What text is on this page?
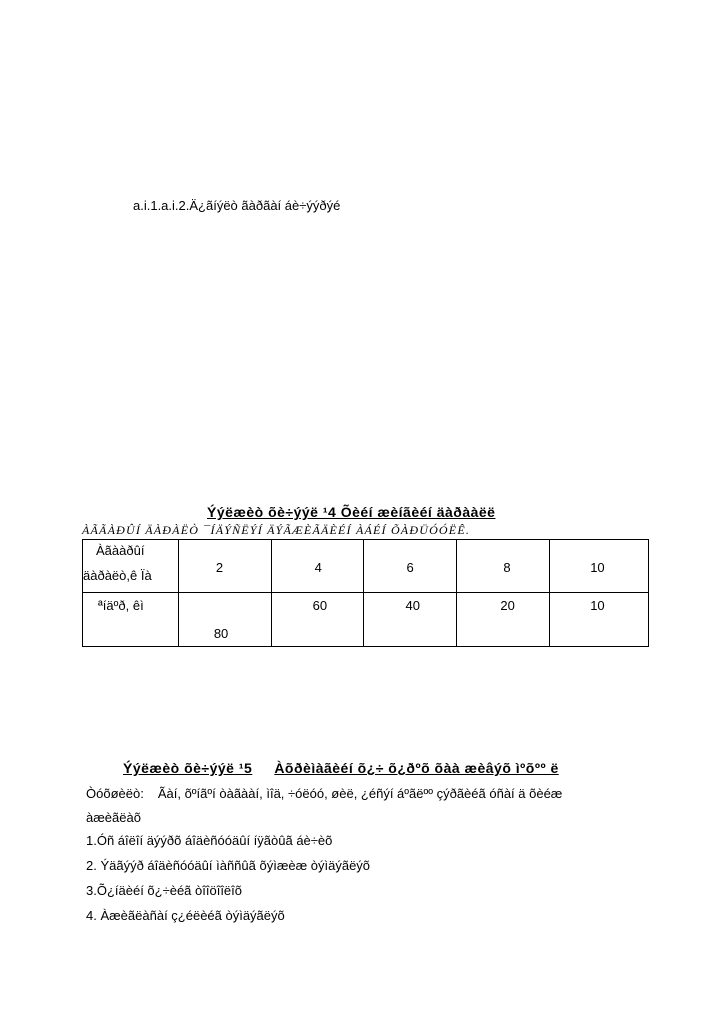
a.i.1.a.i.2.Ä¿ãíýëò ãàðãàí áè÷ýýðýé
Ýýëæèò õè÷ýýë ¹4 Õèéí æèíãèéí äàðààëë
ÀÃÃÀÐÛÍ ÄÀÐÀËÒ ¯ÍÄÝÑËÝÍ ÄÝÃÆÈÃÄÈÉÍ ÀÁÉÍ ÕÀÐÜÓÓËÊ.
Àãààðûí
äàðàëò,ê Ïà	2	4	6	8	10

ªíäºð, êì	80	60	40	20	10
Ýýëæèò õè÷ýýë ¹5 Àõðèìàãèéí õ¿÷ õ¿ðºõ õàà æèâýõ ìºõºº ë
Òóõøèëò: Ãàí, õºíãºí òàãààí, ìîä, ÷óëóó, øèë, ¿éñýí áºãëºº çýðãèéã óñàí ä õèéæ
àæèãëàõ
1.Óñ áîëîí äýýðõ áîäèñóóäûí íÿãòûã áè÷èõ
2. Ýäãýýð áîäèñóóäûí ìàññûã õýìæèæ òýìäýãëýõ
3.Õ¿íäèéí õ¿÷èéã òîîöîîëîõ
4. Àæèãëàñàí ç¿éëèéã òýìäýãëýõ
